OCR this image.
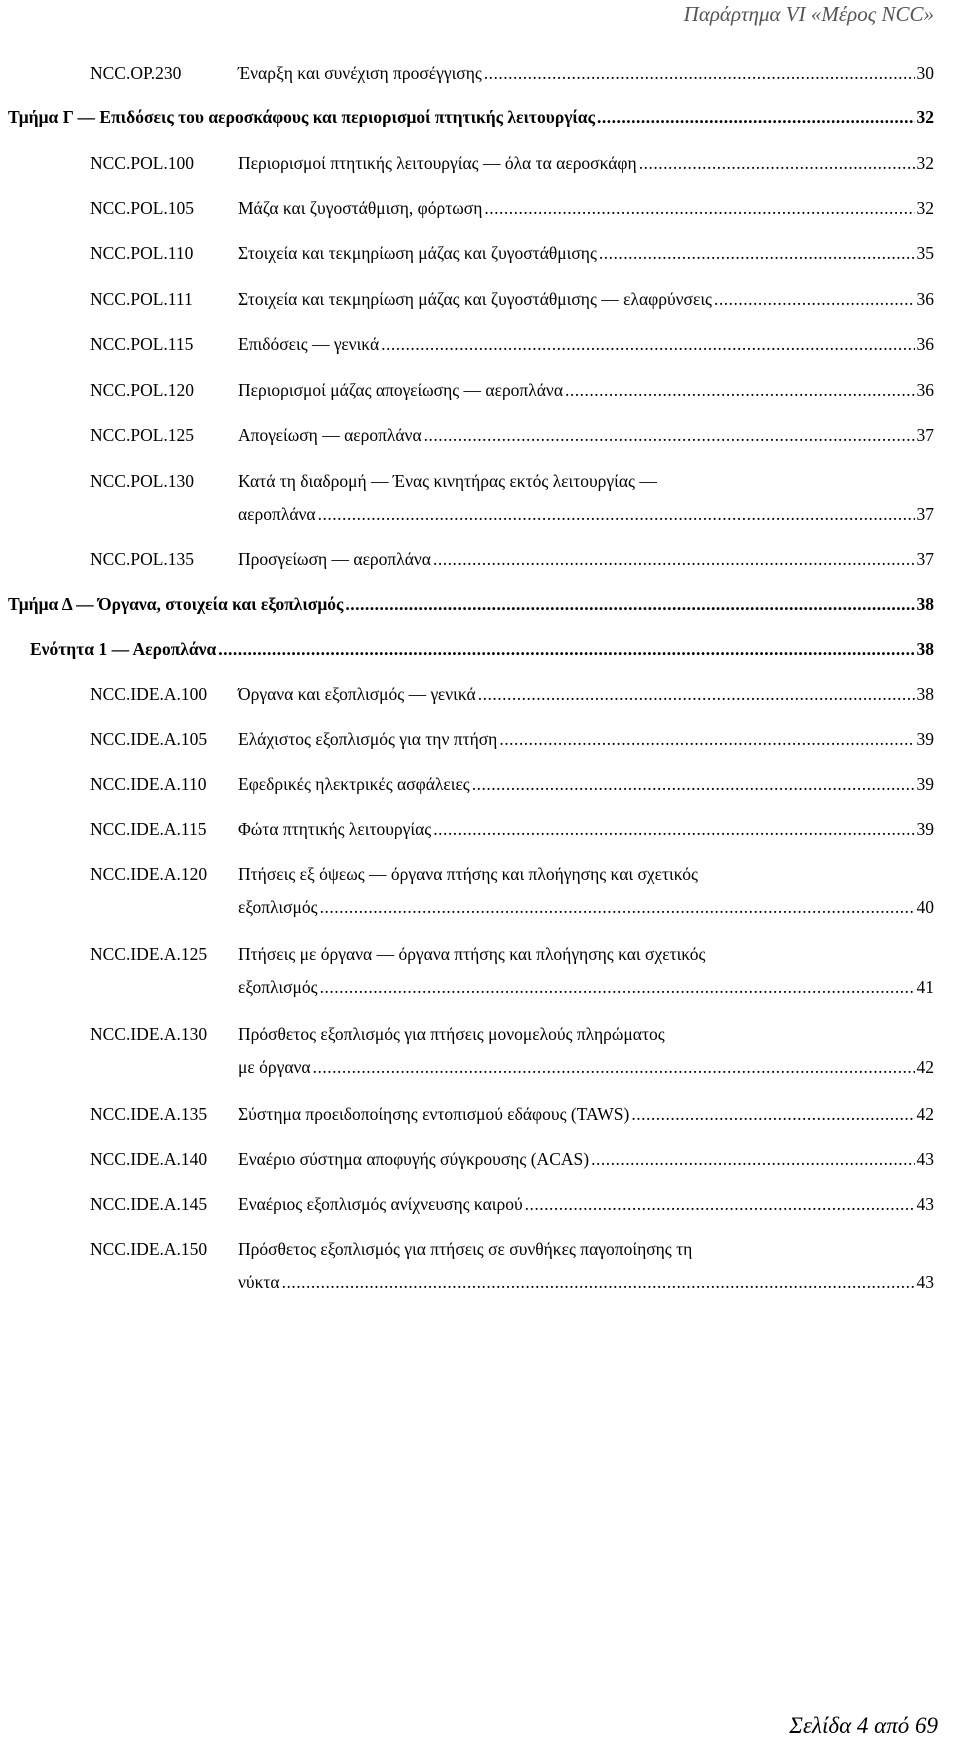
Παράρτημα VI «Μέρος NCC»
NCC.OP.230	Έναρξη και συνέχιση προσέγγισης .....	30
Τμήμα Γ — Επιδόσεις του αεροσκάφους και περιορισμοί πτητικής λειτουργίας .....	32
NCC.POL.100	Περιορισμοί πτητικής λειτουργίας — όλα τα αεροσκάφη .....	32
NCC.POL.105	Μάζα και ζυγοστάθμιση, φόρτωση .....	32
NCC.POL.110	Στοιχεία και τεκμηρίωση μάζας και ζυγοστάθμισης .....	35
NCC.POL.111	Στοιχεία και τεκμηρίωση μάζας και ζυγοστάθμισης — ελαφρύνσεις .....	36
NCC.POL.115	Επιδόσεις — γενικά .....	36
NCC.POL.120	Περιορισμοί μάζας απογείωσης — αεροπλάνα .....	36
NCC.POL.125	Απογείωση — αεροπλάνα .....	37
NCC.POL.130	Κατά τη διαδρομή — Ένας κινητήρας εκτός λειτουργίας —
αεροπλάνα .....	37
NCC.POL.135	Προσγείωση — αεροπλάνα .....	37
Τμήμα Δ — Όργανα, στοιχεία και εξοπλισμός .....	38
Ενότητα 1 — Αεροπλάνα .....	38
NCC.IDE.A.100	Όργανα και εξοπλισμός — γενικά .....	38
NCC.IDE.A.105	Ελάχιστος εξοπλισμός για την πτήση .....	39
NCC.IDE.A.110	Εφεδρικές ηλεκτρικές ασφάλειες .....	39
NCC.IDE.A.115	Φώτα πτητικής λειτουργίας .....	39
NCC.IDE.A.120	Πτήσεις εξ όψεως — όργανα πτήσης και πλοήγησης και σχετικός
εξοπλισμός .....	40
NCC.IDE.A.125	Πτήσεις με όργανα — όργανα πτήσης και πλοήγησης και σχετικός
εξοπλισμός .....	41
NCC.IDE.A.130	Πρόσθετος εξοπλισμός για πτήσεις μονομελούς πληρώματος
με όργανα .....	42
NCC.IDE.A.135	Σύστημα προειδοποίησης εντοπισμού εδάφους (TAWS) .....	42
NCC.IDE.A.140	Εναέριο σύστημα αποφυγής σύγκρουσης (ACAS) .....	43
NCC.IDE.A.145	Εναέριος εξοπλισμός ανίχνευσης καιρού .....	43
NCC.IDE.A.150	Πρόσθετος εξοπλισμός για πτήσεις σε συνθήκες παγοποίησης τη
νύκτα .....	43
Σελίδα 4 από 69
